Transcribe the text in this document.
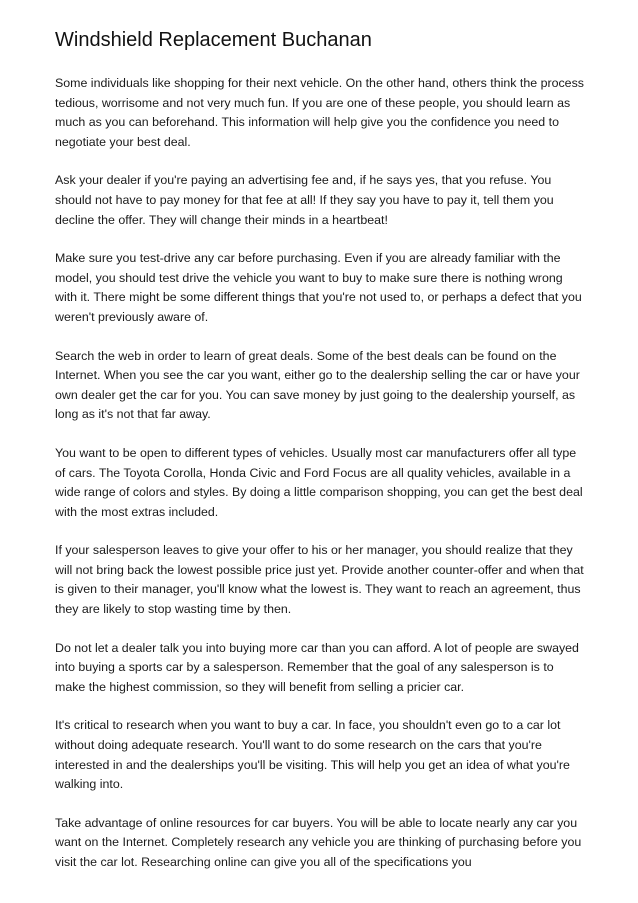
Windshield Replacement Buchanan

Some individuals like shopping for their next vehicle. On the other hand, others think the process tedious, worrisome and not very much fun. If you are one of these people, you should learn as much as you can beforehand. This information will help give you the confidence you need to negotiate your best deal.

Ask your dealer if you're paying an advertising fee and, if he says yes, that you refuse. You should not have to pay money for that fee at all! If they say you have to pay it, tell them you decline the offer. They will change their minds in a heartbeat!

Make sure you test-drive any car before purchasing. Even if you are already familiar with the model, you should test drive the vehicle you want to buy to make sure there is nothing wrong with it. There might be some different things that you're not used to, or perhaps a defect that you weren't previously aware of.

Search the web in order to learn of great deals. Some of the best deals can be found on the Internet. When you see the car you want, either go to the dealership selling the car or have your own dealer get the car for you. You can save money by just going to the dealership yourself, as long as it's not that far away.

You want to be open to different types of vehicles. Usually most car manufacturers offer all type of cars. The Toyota Corolla, Honda Civic and Ford Focus are all quality vehicles, available in a wide range of colors and styles. By doing a little comparison shopping, you can get the best deal with the most extras included.

If your salesperson leaves to give your offer to his or her manager, you should realize that they will not bring back the lowest possible price just yet. Provide another counter-offer and when that is given to their manager, you'll know what the lowest is. They want to reach an agreement, thus they are likely to stop wasting time by then.

Do not let a dealer talk you into buying more car than you can afford. A lot of people are swayed into buying a sports car by a salesperson. Remember that the goal of any salesperson is to make the highest commission, so they will benefit from selling a pricier car.

It's critical to research when you want to buy a car. In face, you shouldn't even go to a car lot without doing adequate research. You'll want to do some research on the cars that you're interested in and the dealerships you'll be visiting. This will help you get an idea of what you're walking into.

Take advantage of online resources for car buyers. You will be able to locate nearly any car you want on the Internet. Completely research any vehicle you are thinking of purchasing before you visit the car lot. Researching online can give you all of the specifications you
